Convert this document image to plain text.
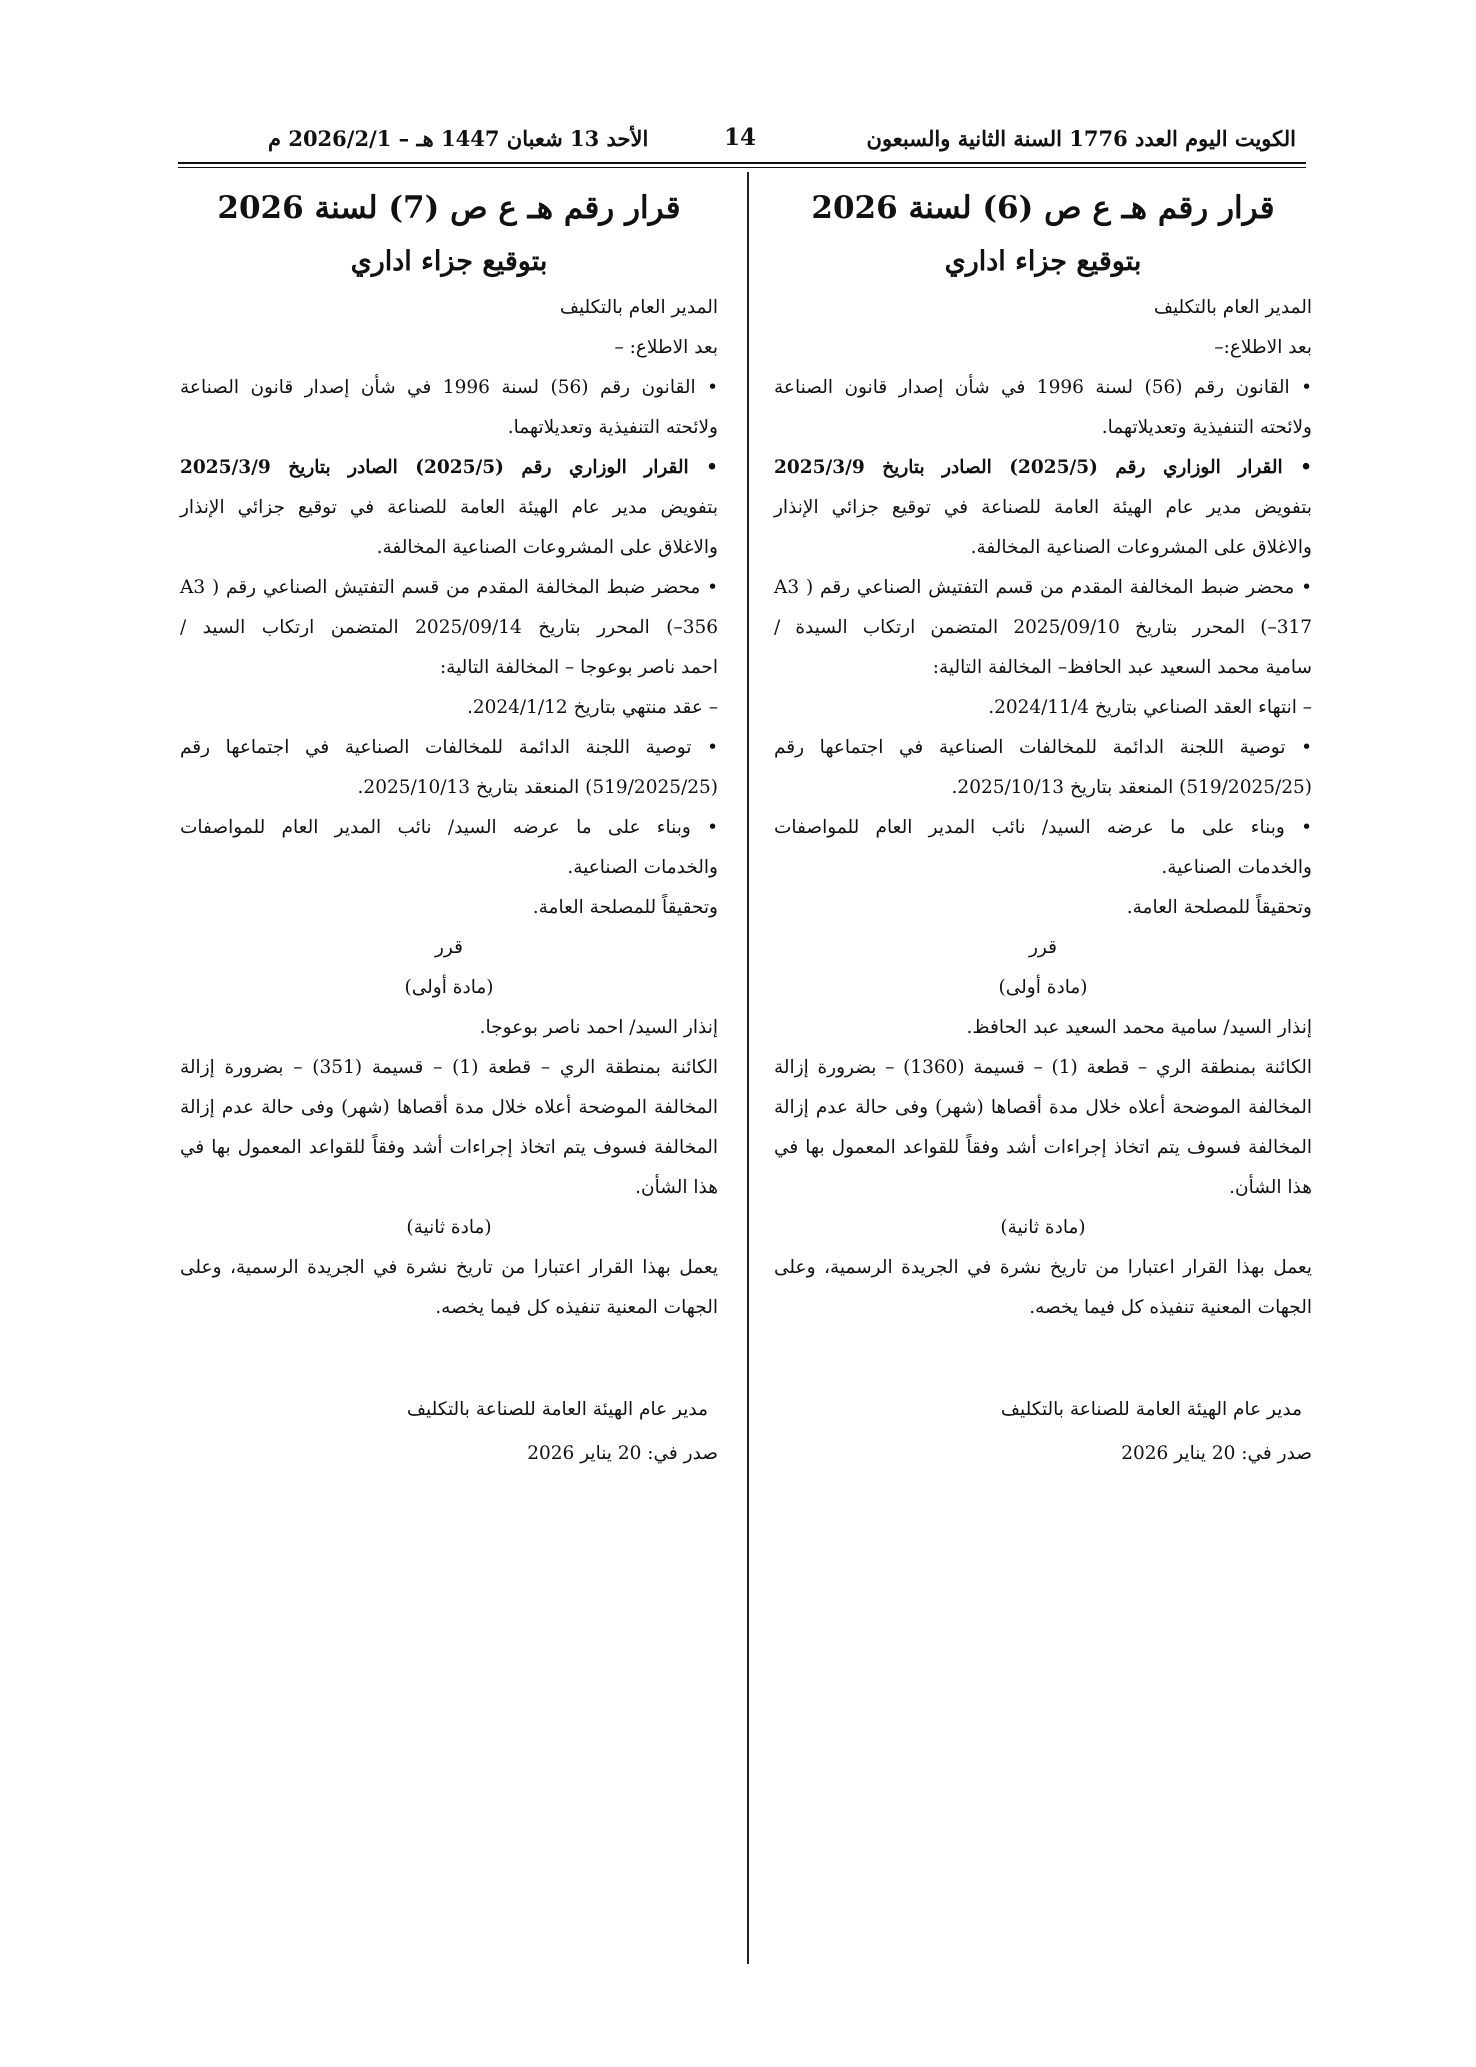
الكويت اليوم العدد 1776 السنة الثانية والسبعون
14
الأحد 13 شعبان 1447 هـ – 2026/2/1 م
قرار رقم هـ ع ص (6) لسنة 2026
بتوقيع جزاء اداري
المدير العام بالتكليف
بعد الاطلاع:–
• القانون رقم (56) لسنة 1996 في شأن إصدار قانون الصناعة
ولائحته التنفيذية وتعديلاتهما.
• القرار الوزاري رقم (2025/5) الصادر بتاريخ 2025/3/9
بتفويض مدير عام الهيئة العامة للصناعة في توقيع جزائي الإنذار
والاغلاق على المشروعات الصناعية المخالفة.
• محضر ضبط المخالفة المقدم من قسم التفتيش الصناعي رقم ( A3
317–) المحرر بتاريخ 2025/09/10 المتضمن ارتكاب السيدة /
سامية محمد السعيد عبد الحافظ– المخالفة التالية:
– انتهاء العقد الصناعي بتاريخ 2024/11/4.
• توصية اللجنة الدائمة للمخالفات الصناعية في اجتماعها رقم
(519/2025/25) المنعقد بتاريخ 2025/10/13.
• وبناء على ما عرضه السيد/ نائب المدير العام للمواصفات
والخدمات الصناعية.
وتحقيقاً للمصلحة العامة.
قرر
(مادة أولى)
إنذار السيد/ سامية محمد السعيد عبد الحافظ.
الكائنة بمنطقة الري – قطعة (1) – قسيمة (1360) – بضرورة إزالة
المخالفة الموضحة أعلاه خلال مدة أقصاها (شهر) وفى حالة عدم إزالة
المخالفة فسوف يتم اتخاذ إجراءات أشد وفقاً للقواعد المعمول بها في
هذا الشأن.
(مادة ثانية)
يعمل بهذا القرار اعتبارا من تاريخ نشرة في الجريدة الرسمية، وعلى
الجهات المعنية تنفيذه كل فيما يخصه.
مدير عام الهيئة العامة للصناعة بالتكليف
صدر في: 20 يناير 2026
قرار رقم هـ ع ص (7) لسنة 2026
بتوقيع جزاء اداري
المدير العام بالتكليف
بعد الاطلاع: –
• القانون رقم (56) لسنة 1996 في شأن إصدار قانون الصناعة
ولائحته التنفيذية وتعديلاتهما.
• القرار الوزاري رقم (2025/5) الصادر بتاريخ 2025/3/9
بتفويض مدير عام الهيئة العامة للصناعة في توقيع جزائي الإنذار
والاغلاق على المشروعات الصناعية المخالفة.
• محضر ضبط المخالفة المقدم من قسم التفتيش الصناعي رقم ( A3
356–) المحرر بتاريخ 2025/09/14 المتضمن ارتكاب السيد /
احمد ناصر بوعوجا – المخالفة التالية:
– عقد منتهي بتاريخ 2024/1/12.
• توصية اللجنة الدائمة للمخالفات الصناعية في اجتماعها رقم
(519/2025/25) المنعقد بتاريخ 2025/10/13.
• وبناء على ما عرضه السيد/ نائب المدير العام للمواصفات
والخدمات الصناعية.
وتحقيقاً للمصلحة العامة.
قرر
(مادة أولى)
إنذار السيد/ احمد ناصر بوعوجا.
الكائنة بمنطقة الري – قطعة (1) – قسيمة (351) – بضرورة إزالة
المخالفة الموضحة أعلاه خلال مدة أقصاها (شهر) وفى حالة عدم إزالة
المخالفة فسوف يتم اتخاذ إجراءات أشد وفقاً للقواعد المعمول بها في
هذا الشأن.
(مادة ثانية)
يعمل بهذا القرار اعتبارا من تاريخ نشرة في الجريدة الرسمية، وعلى
الجهات المعنية تنفيذه كل فيما يخصه.
مدير عام الهيئة العامة للصناعة بالتكليف
صدر في: 20 يناير 2026
